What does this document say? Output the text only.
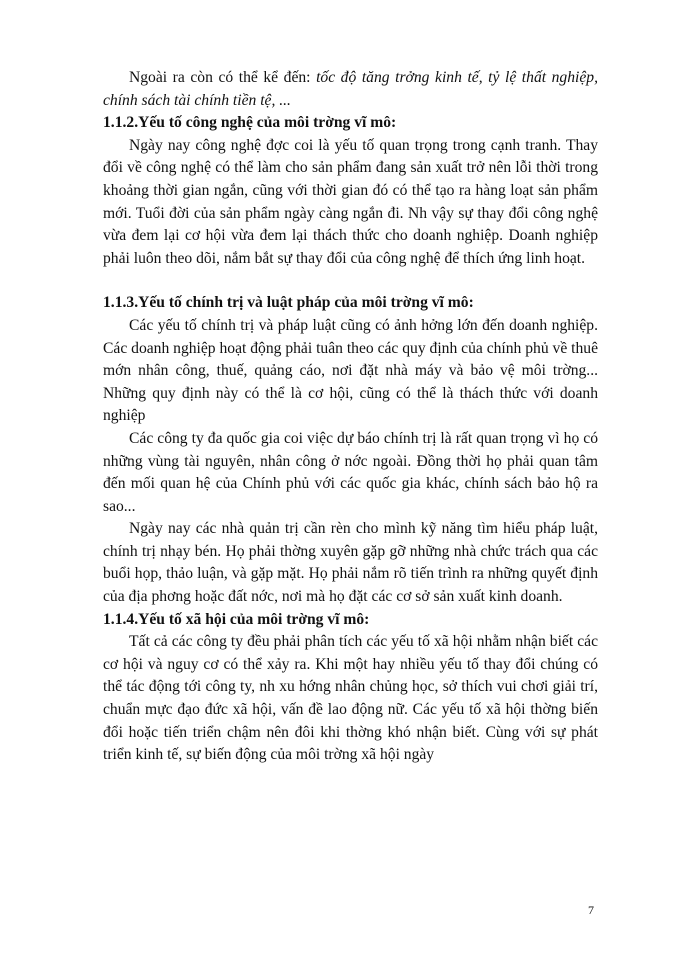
Ngoài ra còn có thể kể đến: tốc độ tăng trởng kinh tế, tỷ lệ thất nghiệp, chính sách tài chính tiền tệ, ...

1.1.2.Yếu tố công nghệ của môi trờng vĩ mô:

Ngày nay công nghệ đợc coi là yếu tố quan trọng trong cạnh tranh. Thay đổi về công nghệ có thể làm cho sản phẩm đang sản xuất trở nên lỗi thời trong khoảng thời gian ngắn, cũng với thời gian đó có thể tạo ra hàng loạt sản phẩm mới. Tuổi đời của sản phẩm ngày càng ngắn đi. Nh vậy sự thay đổi công nghệ vừa đem lại cơ hội vừa đem lại thách thức cho doanh nghiệp. Doanh nghiệp phải luôn theo dõi, nắm bắt sự thay đổi của công nghệ để thích ứng linh hoạt.

1.1.3.Yếu tố chính trị và luật pháp của môi trờng vĩ mô:

Các yếu tố chính trị và pháp luật cũng có ảnh hởng lớn đến doanh nghiệp. Các doanh nghiệp hoạt động phải tuân theo các quy định của chính phủ về thuê mớn nhân công, thuế, quảng cáo, nơi đặt nhà máy và bảo vệ môi trờng... Những quy định này có thể là cơ hội, cũng có thể là thách thức với doanh nghiệp

Các công ty đa quốc gia coi việc dự báo chính trị là rất quan trọng vì họ có những vùng tài nguyên, nhân công ở nớc ngoài. Đồng thời họ phải quan tâm đến mối quan hệ của Chính phủ với các quốc gia khác, chính sách bảo hộ ra sao...

Ngày nay các nhà quản trị cần rèn cho mình kỹ năng tìm hiểu pháp luật, chính trị nhạy bén. Họ phải thờng xuyên gặp gỡ những nhà chức trách qua các buổi họp, thảo luận, và gặp mặt. Họ phải nắm rõ tiến trình ra những quyết định của địa phơng hoặc đất nớc, nơi mà họ đặt các cơ sở sản xuất kinh doanh.

1.1.4.Yếu tố xã hội của môi trờng vĩ mô:

Tất cả các công ty đều phải phân tích các yếu tố xã hội nhằm nhận biết các cơ hội và nguy cơ có thể xảy ra. Khi một hay nhiều yếu tố thay đổi chúng có thể tác động tới công ty, nh xu hớng nhân chủng học, sở thích vui chơi giải trí, chuẩn mực đạo đức xã hội, vấn đề lao động nữ. Các yếu tố xã hội thờng biến đổi hoặc tiến triển chậm nên đôi khi thờng khó nhận biết. Cùng với sự phát triển kinh tế, sự biến động của môi trờng xã hội ngày

7
